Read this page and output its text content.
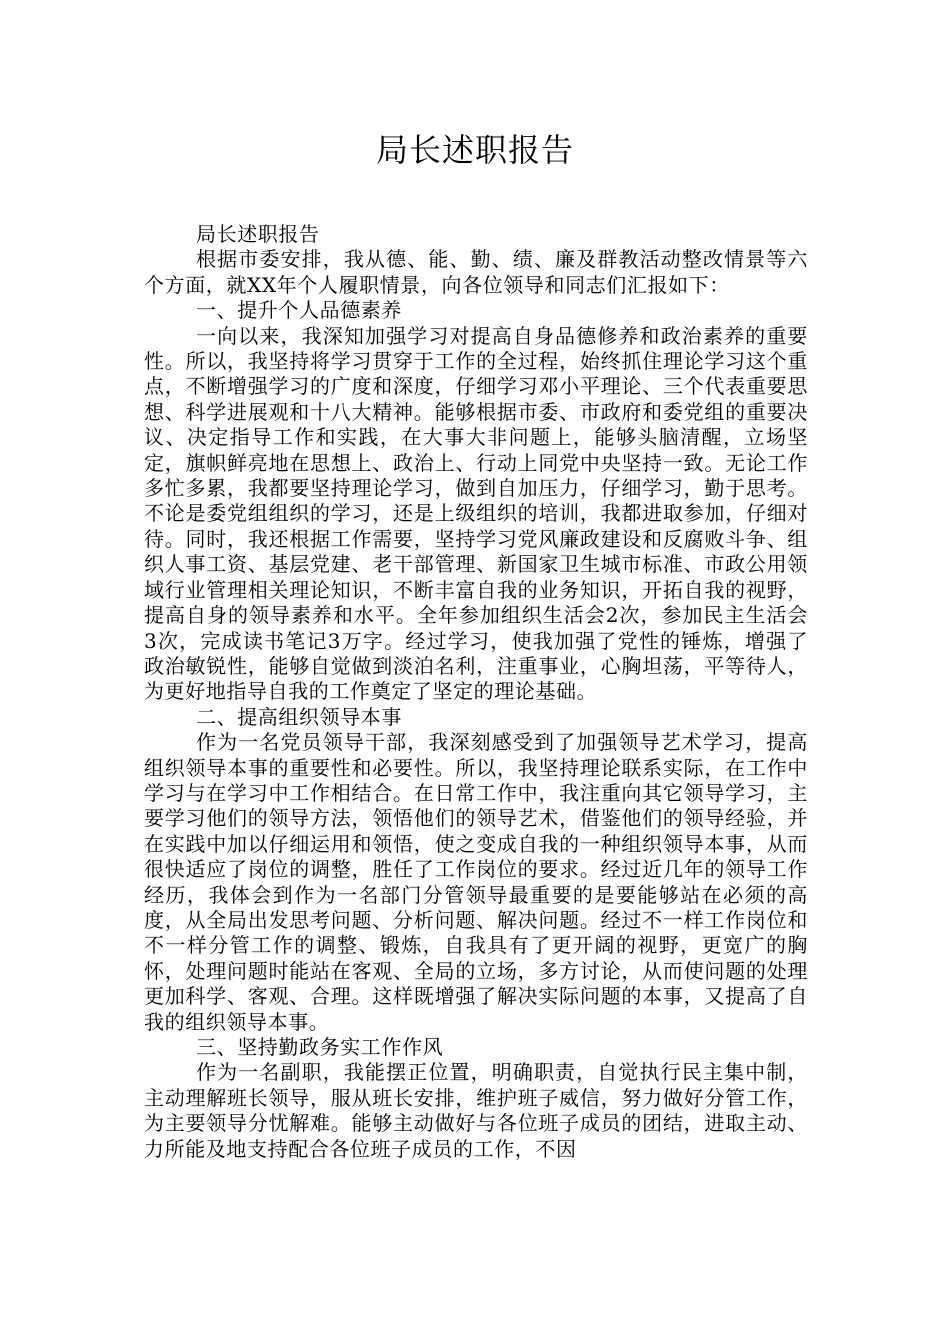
局长述职报告

局长述职报告

根据市委安排，我从德、能、勤、绩、廉及群教活动整改情景等六个方面，就XX年个人履职情景，向各位领导和同志们汇报如下：

一、提升个人品德素养

一向以来，我深知加强学习对提高自身品德修养和政治素养的重要性。所以，我坚持将学习贯穿于工作的全过程，始终抓住理论学习这个重点，不断增强学习的广度和深度，仔细学习邓小平理论、三个代表重要思想、科学进展观和十八大精神。能够根据市委、市政府和委党组的重要决议、决定指导工作和实践，在大事大非问题上，能够头脑清醒，立场坚定，旗帜鲜亮地在思想上、政治上、行动上同党中央坚持一致。无论工作多忙多累，我都要坚持理论学习，做到自加压力，仔细学习，勤于思考。不论是委党组组织的学习，还是上级组织的培训，我都进取参加，仔细对待。同时，我还根据工作需要，坚持学习党风廉政建设和反腐败斗争、组织人事工资、基层党建、老干部管理、新国家卫生城市标准、市政公用领域行业管理相关理论知识，不断丰富自我的业务知识，开拓自我的视野，提高自身的领导素养和水平。全年参加组织生活会2次，参加民主生活会3次，完成读书笔记3万字。经过学习，使我加强了党性的锤炼，增强了政治敏锐性，能够自觉做到淡泊名利，注重事业，心胸坦荡，平等待人，为更好地指导自我的工作奠定了坚定的理论基础。

二、提高组织领导本事

作为一名党员领导干部，我深刻感受到了加强领导艺术学习，提高组织领导本事的重要性和必要性。所以，我坚持理论联系实际，在工作中学习与在学习中工作相结合。在日常工作中，我注重向其它领导学习，主要学习他们的领导方法，领悟他们的领导艺术，借鉴他们的领导经验，并在实践中加以仔细运用和领悟，使之变成自我的一种组织领导本事，从而很快适应了岗位的调整，胜任了工作岗位的要求。经过近几年的领导工作经历，我体会到作为一名部门分管领导最重要的是要能够站在必须的高度，从全局出发思考问题、分析问题、解决问题。经过不一样工作岗位和不一样分管工作的调整、锻炼，自我具有了更开阔的视野，更宽广的胸怀，处理问题时能站在客观、全局的立场，多方讨论，从而使问题的处理更加科学、客观、合理。这样既增强了解决实际问题的本事，又提高了自我的组织领导本事。

三、坚持勤政务实工作作风

作为一名副职，我能摆正位置，明确职责，自觉执行民主集中制，主动理解班长领导，服从班长安排，维护班子威信，努力做好分管工作，为主要领导分忧解难。能够主动做好与各位班子成员的团结，进取主动、力所能及地支持配合各位班子成员的工作，不因
